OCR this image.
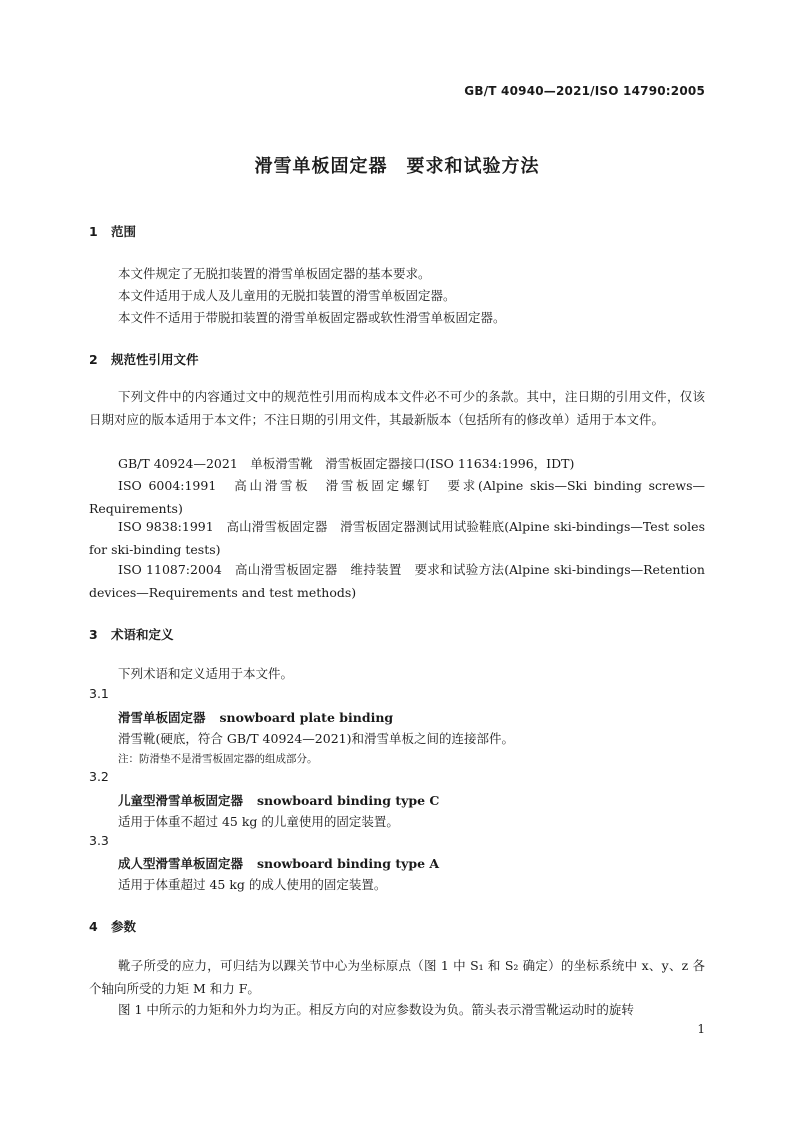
GB/T 40940—2021/ISO 14790:2005
滑雪单板固定器　要求和试验方法
1 范围
本文件规定了无脱扣装置的滑雪单板固定器的基本要求。
本文件适用于成人及儿童用的无脱扣装置的滑雪单板固定器。
本文件不适用于带脱扣装置的滑雪单板固定器或软性滑雪单板固定器。
2 规范性引用文件
下列文件中的内容通过文中的规范性引用而构成本文件必不可少的条款。其中，注日期的引用文件，仅该日期对应的版本适用于本文件；不注日期的引用文件，其最新版本（包括所有的修改单）适用于本文件。
GB/T 40924—2021　单板滑雪靴　滑雪板固定器接口(ISO 11634:1996，IDT)
ISO 6004:1991　高山滑雪板　滑雪板固定螺钉　要求(Alpine skis—Ski binding screws—Requirements)
ISO 9838:1991　高山滑雪板固定器　滑雪板固定器测试用试验鞋底(Alpine ski-bindings—Test soles for ski-binding tests)
ISO 11087:2004　高山滑雪板固定器　维持装置　要求和试验方法(Alpine ski-bindings—Retention devices—Requirements and test methods)
3 术语和定义
下列术语和定义适用于本文件。
3.1
滑雪单板固定器 snowboard plate binding
滑雪靴(硬底，符合 GB/T 40924—2021)和滑雪单板之间的连接部件。
注：防滑垫不是滑雪板固定器的组成部分。
3.2
儿童型滑雪单板固定器 snowboard binding type C
适用于体重不超过 45 kg 的儿童使用的固定装置。
3.3
成人型滑雪单板固定器 snowboard binding type A
适用于体重超过 45 kg 的成人使用的固定装置。
4 参数
靴子所受的应力，可归结为以踝关节中心为坐标原点（图 1 中 S₁ 和 S₂ 确定）的坐标系统中 x、y、z 各个轴向所受的力矩 M 和力 F。
图 1 中所示的力矩和外力均为正。相反方向的对应参数设为负。箭头表示滑雪靴运动时的旋转
1
